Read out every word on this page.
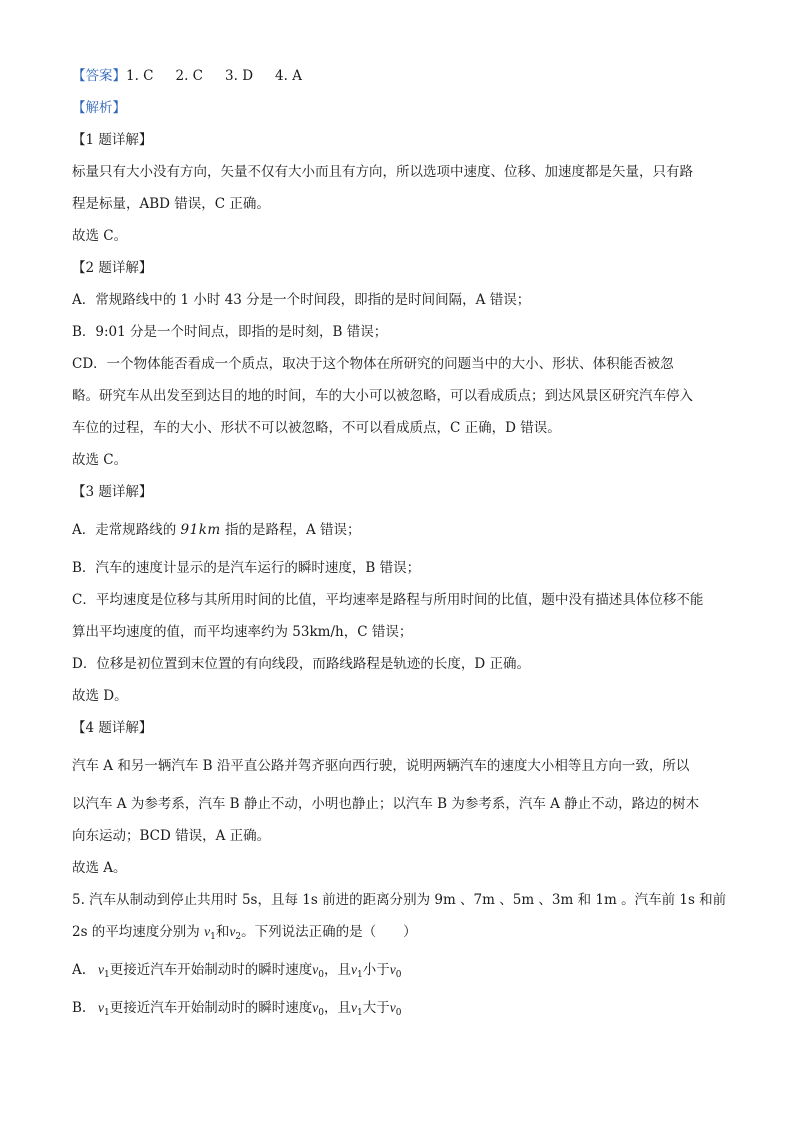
【答案】1. C 2. C 3. D 4. A
【解析】
【1 题详解】
标量只有大小没有方向，矢量不仅有大小而且有方向，所以选项中速度、位移、加速度都是矢量，只有路
程是标量，ABD 错误，C 正确。
故选 C。
【2 题详解】
A．常规路线中的 1 小时 43 分是一个时间段，即指的是时间间隔，A 错误；
B．9:01 分是一个时间点，即指的是时刻，B 错误；
CD．一个物体能否看成一个质点，取决于这个物体在所研究的问题当中的大小、形状、体积能否被忽
略。研究车从出发至到达目的地的时间，车的大小可以被忽略，可以看成质点；到达风景区研究汽车停入
车位的过程，车的大小、形状不可以被忽略，不可以看成质点，C 正确，D 错误。
故选 C。
【3 题详解】
A．走常规路线的 91km 指的是路程，A 错误；
B．汽车的速度计显示的是汽车运行的瞬时速度，B 错误；
C．平均速度是位移与其所用时间的比值，平均速率是路程与所用时间的比值，题中没有描述具体位移不能
算出平均速度的值，而平均速率约为 53km/h，C 错误；
D．位移是初位置到末位置的有向线段，而路线路程是轨迹的长度，D 正确。
故选 D。
【4 题详解】
汽车 A 和另一辆汽车 B 沿平直公路并驾齐驱向西行驶，说明两辆汽车的速度大小相等且方向一致，所以
以汽车 A 为参考系，汽车 B 静止不动，小明也静止；以汽车 B 为参考系，汽车 A 静止不动，路边的树木
向东运动；BCD 错误，A 正确。
故选 A。
5. 汽车从制动到停止共用时 5s，且每 1s 前进的距离分别为 9m 、7m 、5m 、3m 和 1m 。汽车前 1s 和前
2s 的平均速度分别为 $v_1$和$v_2$。下列说法正确的是（　　）
A. $v_1$更接近汽车开始制动时的瞬时速度$v_0$，且$v_1$小于$v_0$
B. $v_1$更接近汽车开始制动时的瞬时速度$v_0$，且$v_1$大于$v_0$
